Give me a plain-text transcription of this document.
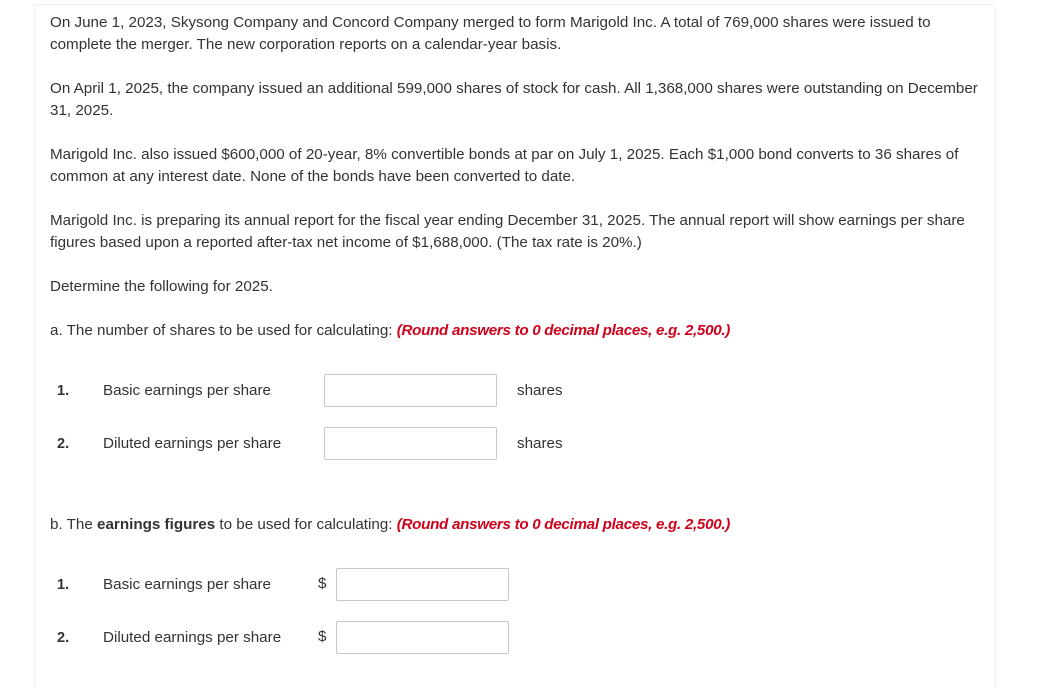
On June 1, 2023, Skysong Company and Concord Company merged to form Marigold Inc. A total of 769,000 shares were issued to complete the merger. The new corporation reports on a calendar-year basis.
On April 1, 2025, the company issued an additional 599,000 shares of stock for cash. All 1,368,000 shares were outstanding on December 31, 2025.
Marigold Inc. also issued $600,000 of 20-year, 8% convertible bonds at par on July 1, 2025. Each $1,000 bond converts to 36 shares of common at any interest date. None of the bonds have been converted to date.
Marigold Inc. is preparing its annual report for the fiscal year ending December 31, 2025. The annual report will show earnings per share figures based upon a reported after-tax net income of $1,688,000. (The tax rate is 20%.)
Determine the following for 2025.
a. The number of shares to be used for calculating: (Round answers to 0 decimal places, e.g. 2,500.)
1. Basic earnings per share	shares
2. Diluted earnings per share	shares
b. The earnings figures to be used for calculating: (Round answers to 0 decimal places, e.g. 2,500.)
1. Basic earnings per share	$
2. Diluted earnings per share $
